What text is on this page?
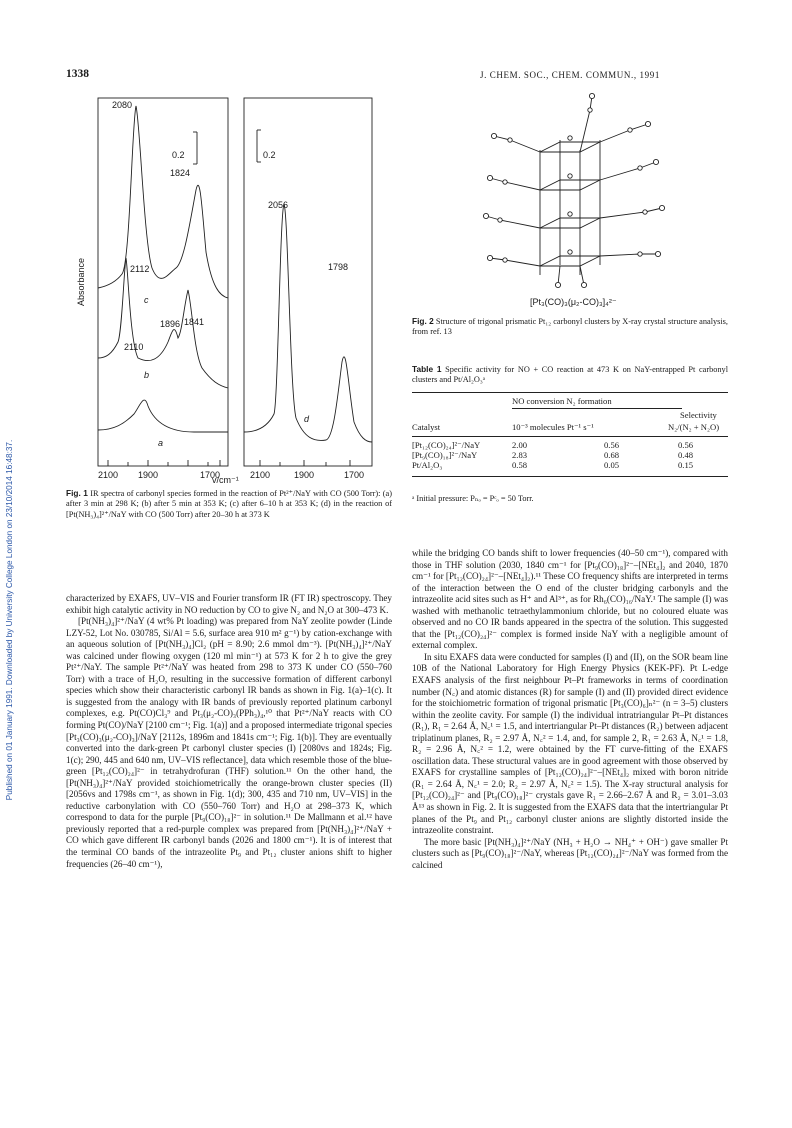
1338	J. CHEM. SOC., CHEM. COMMUN., 1991
Published on 01 January 1991. Downloaded by University College London on 23/10/2014 16:48:37.
Absorbance
2080
0.2
1824
2112
c
1896 1841
2110
b
a
0.2
2056
1798
d
2100 1900	1700	2100	1900	1700
v/cm⁻¹
Fig. 1 IR spectra of carbonyl species formed in the reaction of Pt²⁺/NaY with CO (500 Torr): (a) after 3 min at 298 K; (b) after 5 min at 353 K; (c) after 6–10 h at 353 K; (d) in the reaction of [Pt(NH₃)₄]²⁺/NaY with CO (500 Torr) after 20–30 h at 373 K
[Pt₃(CO)₃(μ₂-CO)₃]₄²⁻
Fig. 2 Structure of trigonal prismatic Pt₁₂ carbonyl clusters by X-ray crystal structure analysis, from ref. 13
Table 1 Specific activity for NO + CO reaction at 473 K on NaY-entrapped Pt carbonyl clusters and Pt/Al₂O₃ᵃ
NO conversion N₂ formation
Selectivity
Catalyst	10⁻³ molecules Pt⁻¹ s⁻¹	N₂/(N₂ + N₂O)
[Pt₁₂(CO)₂₄]²⁻/NaY	2.00	0.56	0.56
[Pt₉(CO)₁₈]²⁻/NaY	2.83	0.68	0.48
Pt/Al₂O₃	0.58	0.05	0.15
ᵃ Initial pressure: Pₙₒ = Pᶜₒ = 50 Torr.

characterized by EXAFS, UV–VIS and Fourier transform IR (FT IR) spectroscopy. They exhibit high catalytic activity in NO reduction by CO to give N₂ and N₂O at 300–473 K.

[Pt(NH₃)₄]²⁺/NaY (4 wt% Pt loading) was prepared from NaY zeolite powder (Linde LZY-52, Lot No. 030785, Si/Al = 5.6, surface area 910 m² g⁻¹) by cation-exchange with an aqueous solution of [Pt(NH₃)₄]Cl₂ (pH = 8.90; 2.6 mmol dm⁻³). [Pt(NH₃)₄]²⁺/NaY was calcined under flowing oxygen (120 ml min⁻¹) at 573 K for 2 h to give the grey Pt²⁺/NaY. The sample Pt²⁺/NaY was heated from 298 to 373 K under CO (550–760 Torr) with a trace of H₂O, resulting in the successive formation of different carbonyl species which show their characteristic carbonyl IR bands as shown in Fig. 1(a)–1(c). It is suggested from the analogy with IR bands of previously reported platinum carbonyl complexes, e.g. Pt(CO)Cl₃⁹ and Pt₃(μ₂-CO)₃(PPh₃)₄,¹⁰ that Pt²⁺/NaY reacts with CO forming Pt(CO)/NaY [2100 cm⁻¹; Fig. 1(a)] and a proposed intermediate trigonal species [Pt₃(CO)₃(μ₂-CO)₃]/NaY [2112s, 1896m and 1841s cm⁻¹; Fig. 1(b)]. They are eventually converted into the dark-green Pt carbonyl cluster species (I) [2080vs and 1824s; Fig. 1(c); 290, 445 and 640 nm, UV–VIS reflectance], data which resemble those of the blue-green [Pt₁₂(CO)₂₄]²⁻ in tetrahydrofuran (THF) solution.¹¹ On the other hand, the [Pt(NH₃)₄]²⁺/NaY provided stoichiometrically the orange-brown cluster species (II) [2056vs and 1798s cm⁻¹, as shown in Fig. 1(d); 300, 435 and 710 nm, UV–VIS] in the reductive carbonylation with CO (550–760 Torr) and H₂O at 298–373 K, which correspond to data for the purple [Pt₉(CO)₁₈]²⁻ in solution.¹¹ De Mallmann et al.¹² have previously reported that a red-purple complex was prepared from [Pt(NH₃)₄]²⁺/NaY + CO which gave different IR carbonyl bands (2026 and 1800 cm⁻¹). It is of interest that the terminal CO bands of the intrazeolite Pt₉ and Pt₁₂ cluster anions shift to higher frequencies (26–40 cm⁻¹),

while the bridging CO bands shift to lower frequencies (40–50 cm⁻¹), compared with those in THF solution (2030, 1840 cm⁻¹ for [Pt₉(CO)₁₈]²⁻–[NEt₄]₂ and 2040, 1870 cm⁻¹ for [Pt₁₂(CO)₂₄]²⁻–[NEt₄]₂).¹¹ These CO frequency shifts are interpreted in terms of the interaction between the O end of the cluster bridging carbonyls and the intrazeolite acid sites such as H⁺ and Al³⁺, as for Rh₆(CO)₁₆/NaY.¹ The sample (I) was washed with methanolic tetraethylammonium chloride, but no coloured eluate was observed and no CO IR bands appeared in the spectra of the solution. This suggested that the [Pt₁₂(CO)₂₄]²⁻ complex is formed inside NaY with a negligible amount of external complex.

In situ EXAFS data were conducted for samples (I) and (II), on the SOR beam line 10B of the National Laboratory for High Energy Physics (KEK-PF). Pt L-edge EXAFS analysis of the first neighbour Pt–Pt frameworks in terms of coordination number (N꜀) and atomic distances (R) for sample (I) and (II) provided direct evidence for the stoichiometric formation of trigonal prismatic [Pt₃(CO)₆]ₙ²⁻ (n = 3–5) clusters within the zeolite cavity. For sample (I) the individual intratriangular Pt–Pt distances (R₁), R₁ = 2.64 Å, N꜀¹ = 1.5, and intertriangular Pt–Pt distances (R₂) between adjacent triplatinum planes, R₂ = 2.97 Å, N꜀² = 1.4, and, for sample 2, R₁ = 2.63 Å, N꜀¹ = 1.8, R₂ = 2.96 Å, N꜀² = 1.2, were obtained by the FT curve-fitting of the EXAFS oscillation data. These structural values are in good agreement with those observed by EXAFS for crystalline samples of [Pt₁₂(CO)₂₄]²⁻–[NEt₄]₂ mixed with boron nitride (R₁ = 2.64 Å, N꜀¹ = 2.0; R₂ = 2.97 Å, N꜀² = 1.5). The X-ray structural analysis for [Pt₁₂(CO)₂₄]²⁻ and [Pt₉(CO)₁₈]²⁻ crystals gave R₁ = 2.66–2.67 Å and R₂ = 3.01–3.03 Å¹³ as shown in Fig. 2. It is suggested from the EXAFS data that the intertriangular Pt planes of the Pt₉ and Pt₁₂ carbonyl cluster anions are slightly distorted inside the intrazeolite constraint.

The more basic [Pt(NH₃)₄]²⁺/NaY (NH₃ + H₂O → NH₄⁺ + OH⁻) gave smaller Pt clusters such as [Pt₉(CO)₁₈]²⁻/NaY, whereas [Pt₁₂(CO)₂₄]²⁻/NaY was formed from the calcined
